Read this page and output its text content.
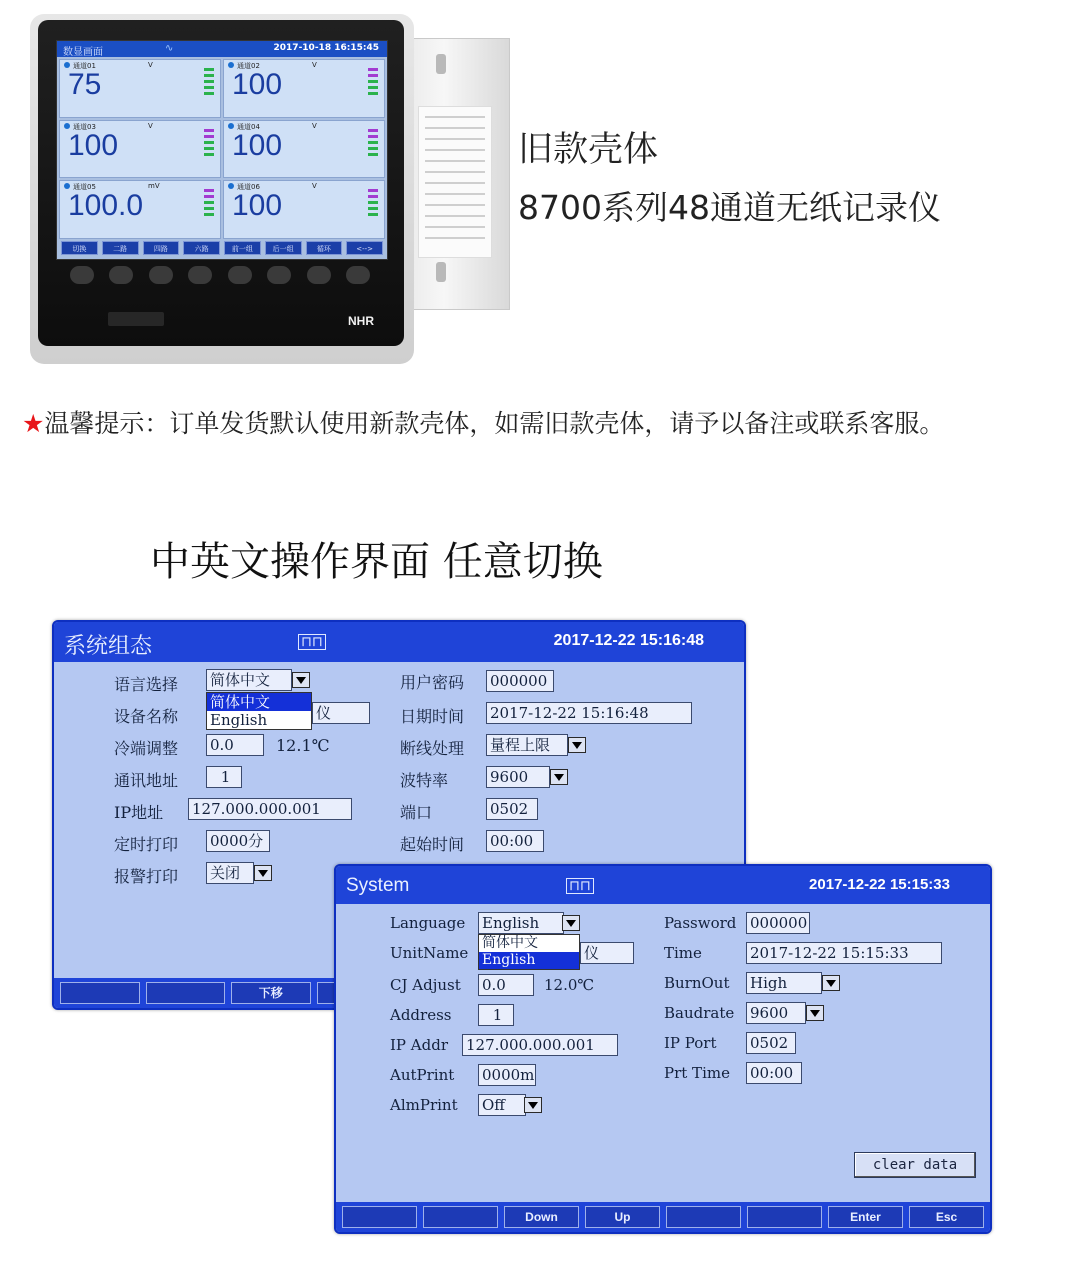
数显画面	∿	2017-10-18 16:15:45
通道01	V
75
通道02	V
100
通道03	V
100
通道04	V
100
通道05	mV
100.0
通道06	V
100
切换	二路	四路	六路	前一组	后一组	循环	<-->
NHR
旧款壳体
8700系列48通道无纸记录仪
★温馨提示：订单发货默认使用新款壳体，如需旧款壳体，请予以备注或联系客服。
中英文操作界面 任意切换
系统组态	⊓⊓	2017-12-22 15:16:48
语言选择 简体中文
简体中文
English
设备名称	仪
冷端调整 0.0	12.1℃
通讯地址	1
IP地址 127.000.000.001
定时打印 0000分
报警打印 关闭
用户密码 000000
日期时间 2017-12-22 15:16:48
断线处理 量程上限
波特率	9600
端口	0502
起始时间 00:00
下移
System	⊓⊓	2017-12-22 15:15:33
Language English
简体中文
English
UnitName	仪
CJ Adjust 0.0	12.0℃
Address	1
IP Addr 127.000.000.001
AutPrint 0000m
AlmPrint Off
Password 000000
Time	2017-12-22 15:15:33
BurnOut High
Baudrate 9600
IP Port 0502
Prt Time 00:00
clear data
Down	Up	Enter	Esc
